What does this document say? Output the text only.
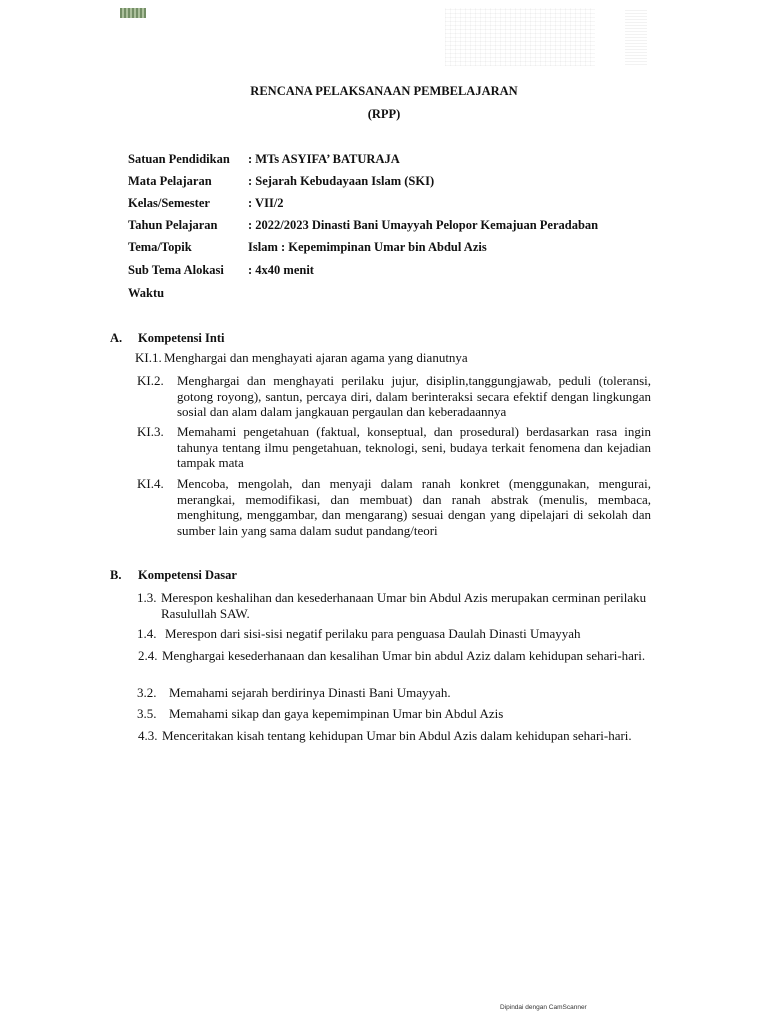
RENCANA PELAKSANAAN PEMBELAJARAN
(RPP)
Satuan Pendidikan : MTs ASYIFA’ BATURAJA
Mata Pelajaran	: Sejarah Kebudayaan Islam (SKI)
Kelas/Semester	: VII/2
Tahun Pelajaran : 2022/2023 Dinasti Bani Umayyah Pelopor Kemajuan Peradaban
Tema/Topik	Islam : Kepemimpinan Umar bin Abdul Azis
Sub Tema Alokasi : 4x40 menit
Waktu
A. Kompetensi Inti
KI.1. Menghargai dan menghayati ajaran agama yang dianutnya
KI.2.	Menghargai dan menghayati perilaku jujur, disiplin,tanggungjawab, peduli (toleransi, gotong royong), santun, percaya diri, dalam berinteraksi secara efektif dengan lingkungan sosial dan alam dalam jangkauan pergaulan dan keberadaannya
KI.3.	Memahami pengetahuan (faktual, konseptual, dan prosedural) berdasarkan rasa ingin tahunya tentang ilmu pengetahuan, teknologi, seni, budaya terkait fenomena dan kejadian tampak mata
KI.4.	Mencoba, mengolah, dan menyaji dalam ranah konkret (menggunakan, mengurai, merangkai, memodifikasi, dan membuat) dan ranah abstrak (menulis, membaca, menghitung, menggambar, dan mengarang) sesuai dengan yang dipelajari di sekolah dan sumber lain yang sama dalam sudut pandang/teori
B. Kompetensi Dasar
1.3. Merespon keshalihan dan kesederhanaan Umar bin Abdul Azis merupakan cerminan perilaku Rasulullah SAW.
1.4. Merespon dari sisi-sisi negatif perilaku para penguasa Daulah Dinasti Umayyah
2.4. Menghargai kesederhanaan dan kesalihan Umar bin abdul Aziz dalam kehidupan sehari-hari.
3.2. Memahami sejarah berdirinya Dinasti Bani Umayyah.
3.5. Memahami sikap dan gaya kepemimpinan Umar bin Abdul Azis
4.3. Menceritakan kisah tentang kehidupan Umar bin Abdul Azis dalam kehidupan sehari-hari.
Dipindai dengan CamScanner
